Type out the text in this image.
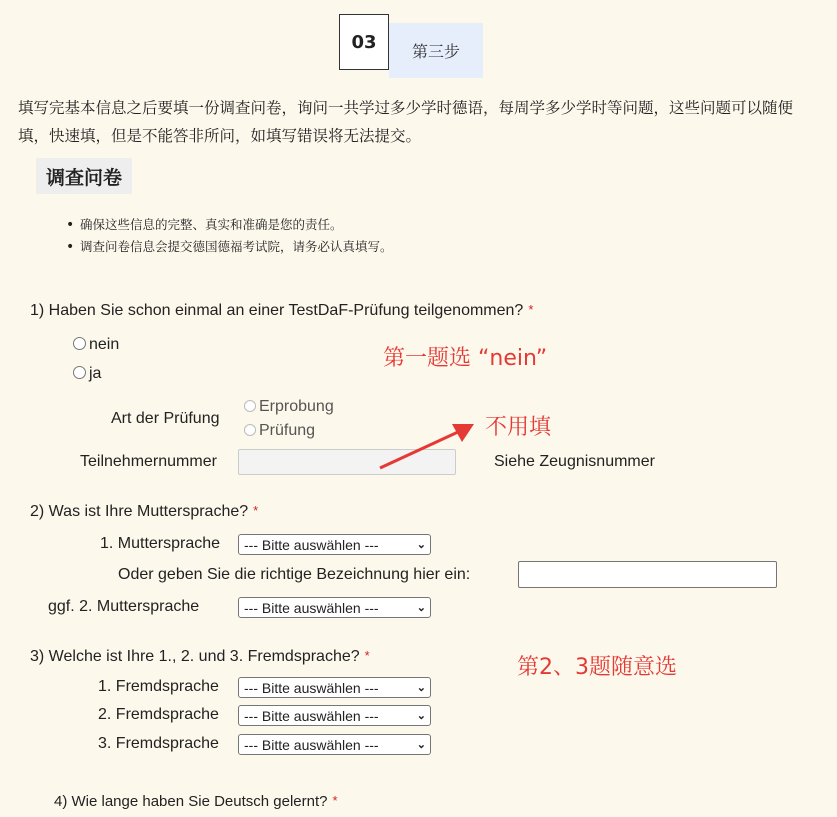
03	第三步
填写完基本信息之后要填一份调查问卷，询问一共学过多少学时德语，每周学多少学时等问题，这些问题可以随便填，快速填，但是不能答非所问，如填写错误将无法提交。
调查问卷
• 确保这些信息的完整、真实和准确是您的责任。
• 调查问卷信息会提交德国德福考试院，请务必认真填写。
1) Haben Sie schon einmal an einer TestDaF-Prüfung teilgenommen? *
nein
ja
Art der Prüfung
Erprobung
Prüfung
Teilnehmernummer	Siehe Zeugnisnummer
第一题选 “nein”
不用填
2) Was ist Ihre Muttersprache? *
1. Muttersprache --- Bitte auswählen ---	⌄
Oder geben Sie die richtige Bezeichnung hier ein:
ggf. 2. Muttersprache	--- Bitte auswählen ---	⌄
3) Welche ist Ihre 1., 2. und 3. Fremdsprache? *	第2、3题随意选
1. Fremdsprache --- Bitte auswählen ---	⌄
2. Fremdsprache --- Bitte auswählen ---	⌄
3. Fremdsprache --- Bitte auswählen ---	⌄
4) Wie lange haben Sie Deutsch gelernt? *
